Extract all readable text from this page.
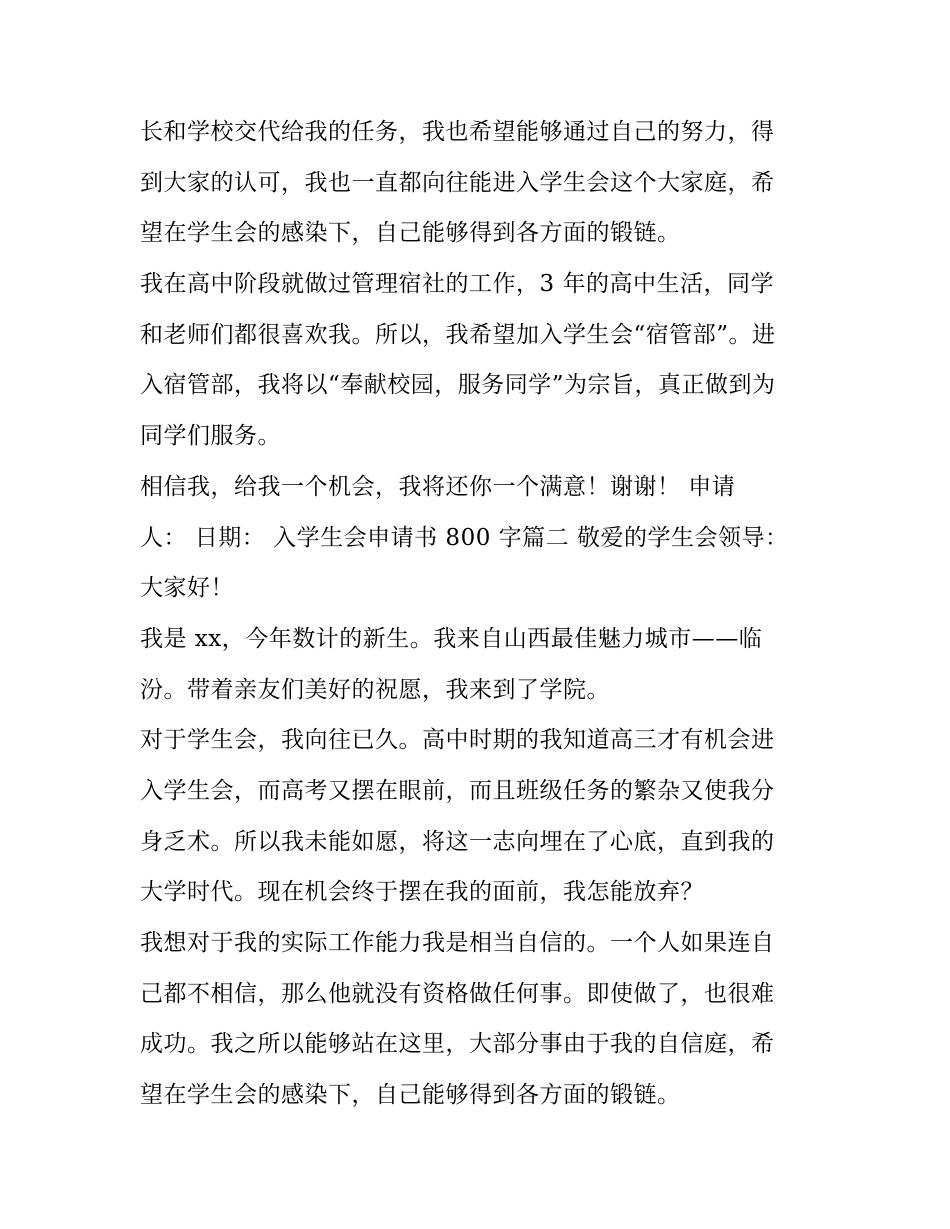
长和学校交代给我的任务，我也希望能够通过自己的努力，得
到大家的认可，我也一直都向往能进入学生会这个大家庭，希
望在学生会的感染下，自己能够得到各方面的锻链。
我在高中阶段就做过管理宿社的工作，3 年的高中生活，同学
和老师们都很喜欢我。所以，我希望加入学生会“宿管部”。进
入宿管部，我将以“奉献校园，服务同学”为宗旨，真正做到为
同学们服务。
相信我，给我一个机会，我将还你一个满意！谢谢！ 申请
人： 日期： 入学生会申请书 800 字篇二 敬爱的学生会领导：
大家好！
我是 xx，今年数计的新生。我来自山西最佳魅力城市——临
汾。带着亲友们美好的祝愿，我来到了学院。
对于学生会，我向往已久。高中时期的我知道高三才有机会进
入学生会，而高考又摆在眼前，而且班级任务的繁杂又使我分
身乏术。所以我未能如愿，将这一志向埋在了心底，直到我的
大学时代。现在机会终于摆在我的面前，我怎能放弃？
我想对于我的实际工作能力我是相当自信的。一个人如果连自
己都不相信，那么他就没有资格做任何事。即使做了，也很难
成功。我之所以能够站在这里，大部分事由于我的自信庭，希
望在学生会的感染下，自己能够得到各方面的锻链。
